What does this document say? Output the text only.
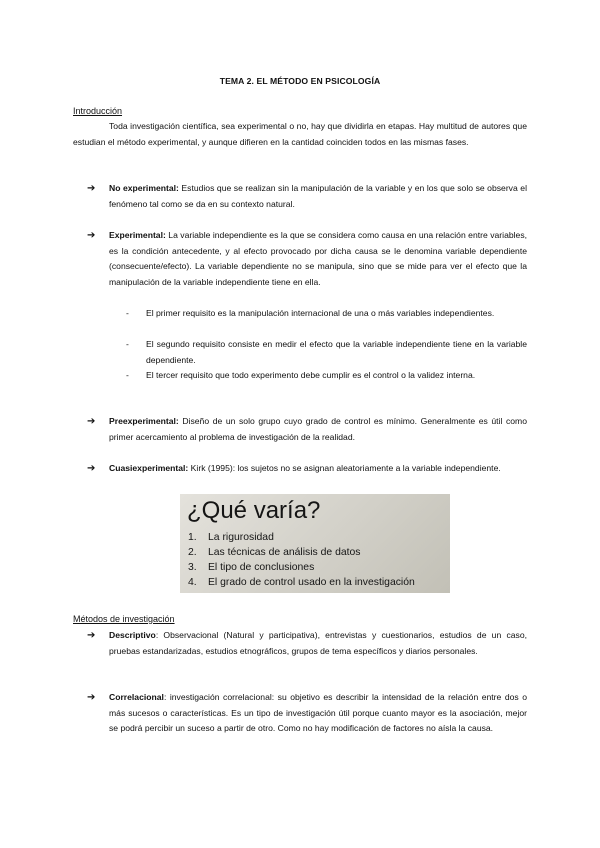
TEMA 2. EL MÉTODO EN PSICOLOGÍA
Introducción
Toda investigación científica, sea experimental o no, hay que dividirla en etapas. Hay multitud de autores que estudian el método experimental, y aunque difieren en la cantidad coinciden todos en las mismas fases.
➔ No experimental: Estudios que se realizan sin la manipulación de la variable y en los que solo se observa el fenómeno tal como se da en su contexto natural.
➔ Experimental: La variable independiente es la que se considera como causa en una relación entre variables, es la condición antecedente, y al efecto provocado por dicha causa se le denomina variable dependiente (consecuente/efecto). La variable dependiente no se manipula, sino que se mide para ver el efecto que la manipulación de la variable independiente tiene en ella.
- El primer requisito es la manipulación internacional de una o más variables independientes.
- El segundo requisito consiste en medir el efecto que la variable independiente tiene en la variable dependiente.
- El tercer requisito que todo experimento debe cumplir es el control o la validez interna.
➔ Preexperimental: Diseño de un solo grupo cuyo grado de control es mínimo. Generalmente es útil como primer acercamiento al problema de investigación de la realidad.
➔ Cuasiexperimental: Kirk (1995): los sujetos no se asignan aleatoriamente a la variable independiente.
¿Qué varía?
1. La rigurosidad
2. Las técnicas de análisis de datos
3. El tipo de conclusiones
4. El grado de control usado en la investigación
Métodos de investigación
➔ Descriptivo: Observacional (Natural y participativa), entrevistas y cuestionarios, estudios de un caso, pruebas estandarizadas, estudios etnográficos, grupos de tema específicos y diarios personales.
➔ Correlacional: investigación correlacional: su objetivo es describir la intensidad de la relación entre dos o más sucesos o características. Es un tipo de investigación útil porque cuanto mayor es la asociación, mejor se podrá percibir un suceso a partir de otro. Como no hay modificación de factores no aísla la causa.
